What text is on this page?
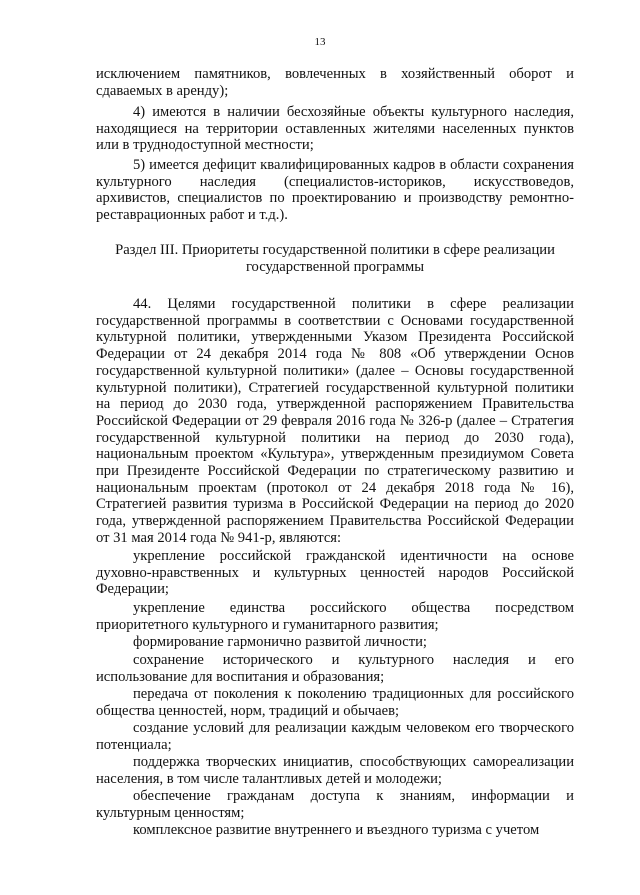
13

исключением памятников, вовлеченных в хозяйственный оборот и сдаваемых в аренду);

4) имеются в наличии бесхозяйные объекты культурного наследия, находящиеся на территории оставленных жителями населенных пунктов или в труднодоступной местности;

5) имеется дефицит квалифицированных кадров в области сохранения культурного наследия (специалистов-историков, искусствоведов, архивистов, специалистов по проектированию и производству ремонтно-реставрационных работ и т.д.).

Раздел III. Приоритеты государственной политики в сфере реализации
государственной программы

44. Целями государственной политики в сфере реализации государственной программы в соответствии с Основами государственной культурной политики, утвержденными Указом Президента Российской Федерации от 24 декабря 2014 года № 808 «Об утверждении Основ государственной культурной политики» (далее – Основы государственной культурной политики), Стратегией государственной культурной политики на период до 2030 года, утвержденной распоряжением Правительства Российской Федерации от 29 февраля 2016 года № 326-р (далее – Стратегия государственной культурной политики на период до 2030 года), национальным проектом «Культура», утвержденным президиумом Совета при Президенте Российской Федерации по стратегическому развитию и национальным проектам (протокол от 24 декабря 2018 года № 16), Стратегией развития туризма в Российской Федерации на период до 2020 года, утвержденной распоряжением Правительства Российской Федерации от 31 мая 2014 года № 941-р, являются:

укрепление российской гражданской идентичности на основе духовно-нравственных и культурных ценностей народов Российской Федерации;

укрепление единства российского общества посредством приоритетного культурного и гуманитарного развития;

формирование гармонично развитой личности;

сохранение исторического и культурного наследия и его использование для воспитания и образования;

передача от поколения к поколению традиционных для российского общества ценностей, норм, традиций и обычаев;

создание условий для реализации каждым человеком его творческого потенциала;

поддержка творческих инициатив, способствующих самореализации населения, в том числе талантливых детей и молодежи;

обеспечение гражданам доступа к знаниям, информации и культурным ценностям;

комплексное развитие внутреннего и въездного туризма с учетом
